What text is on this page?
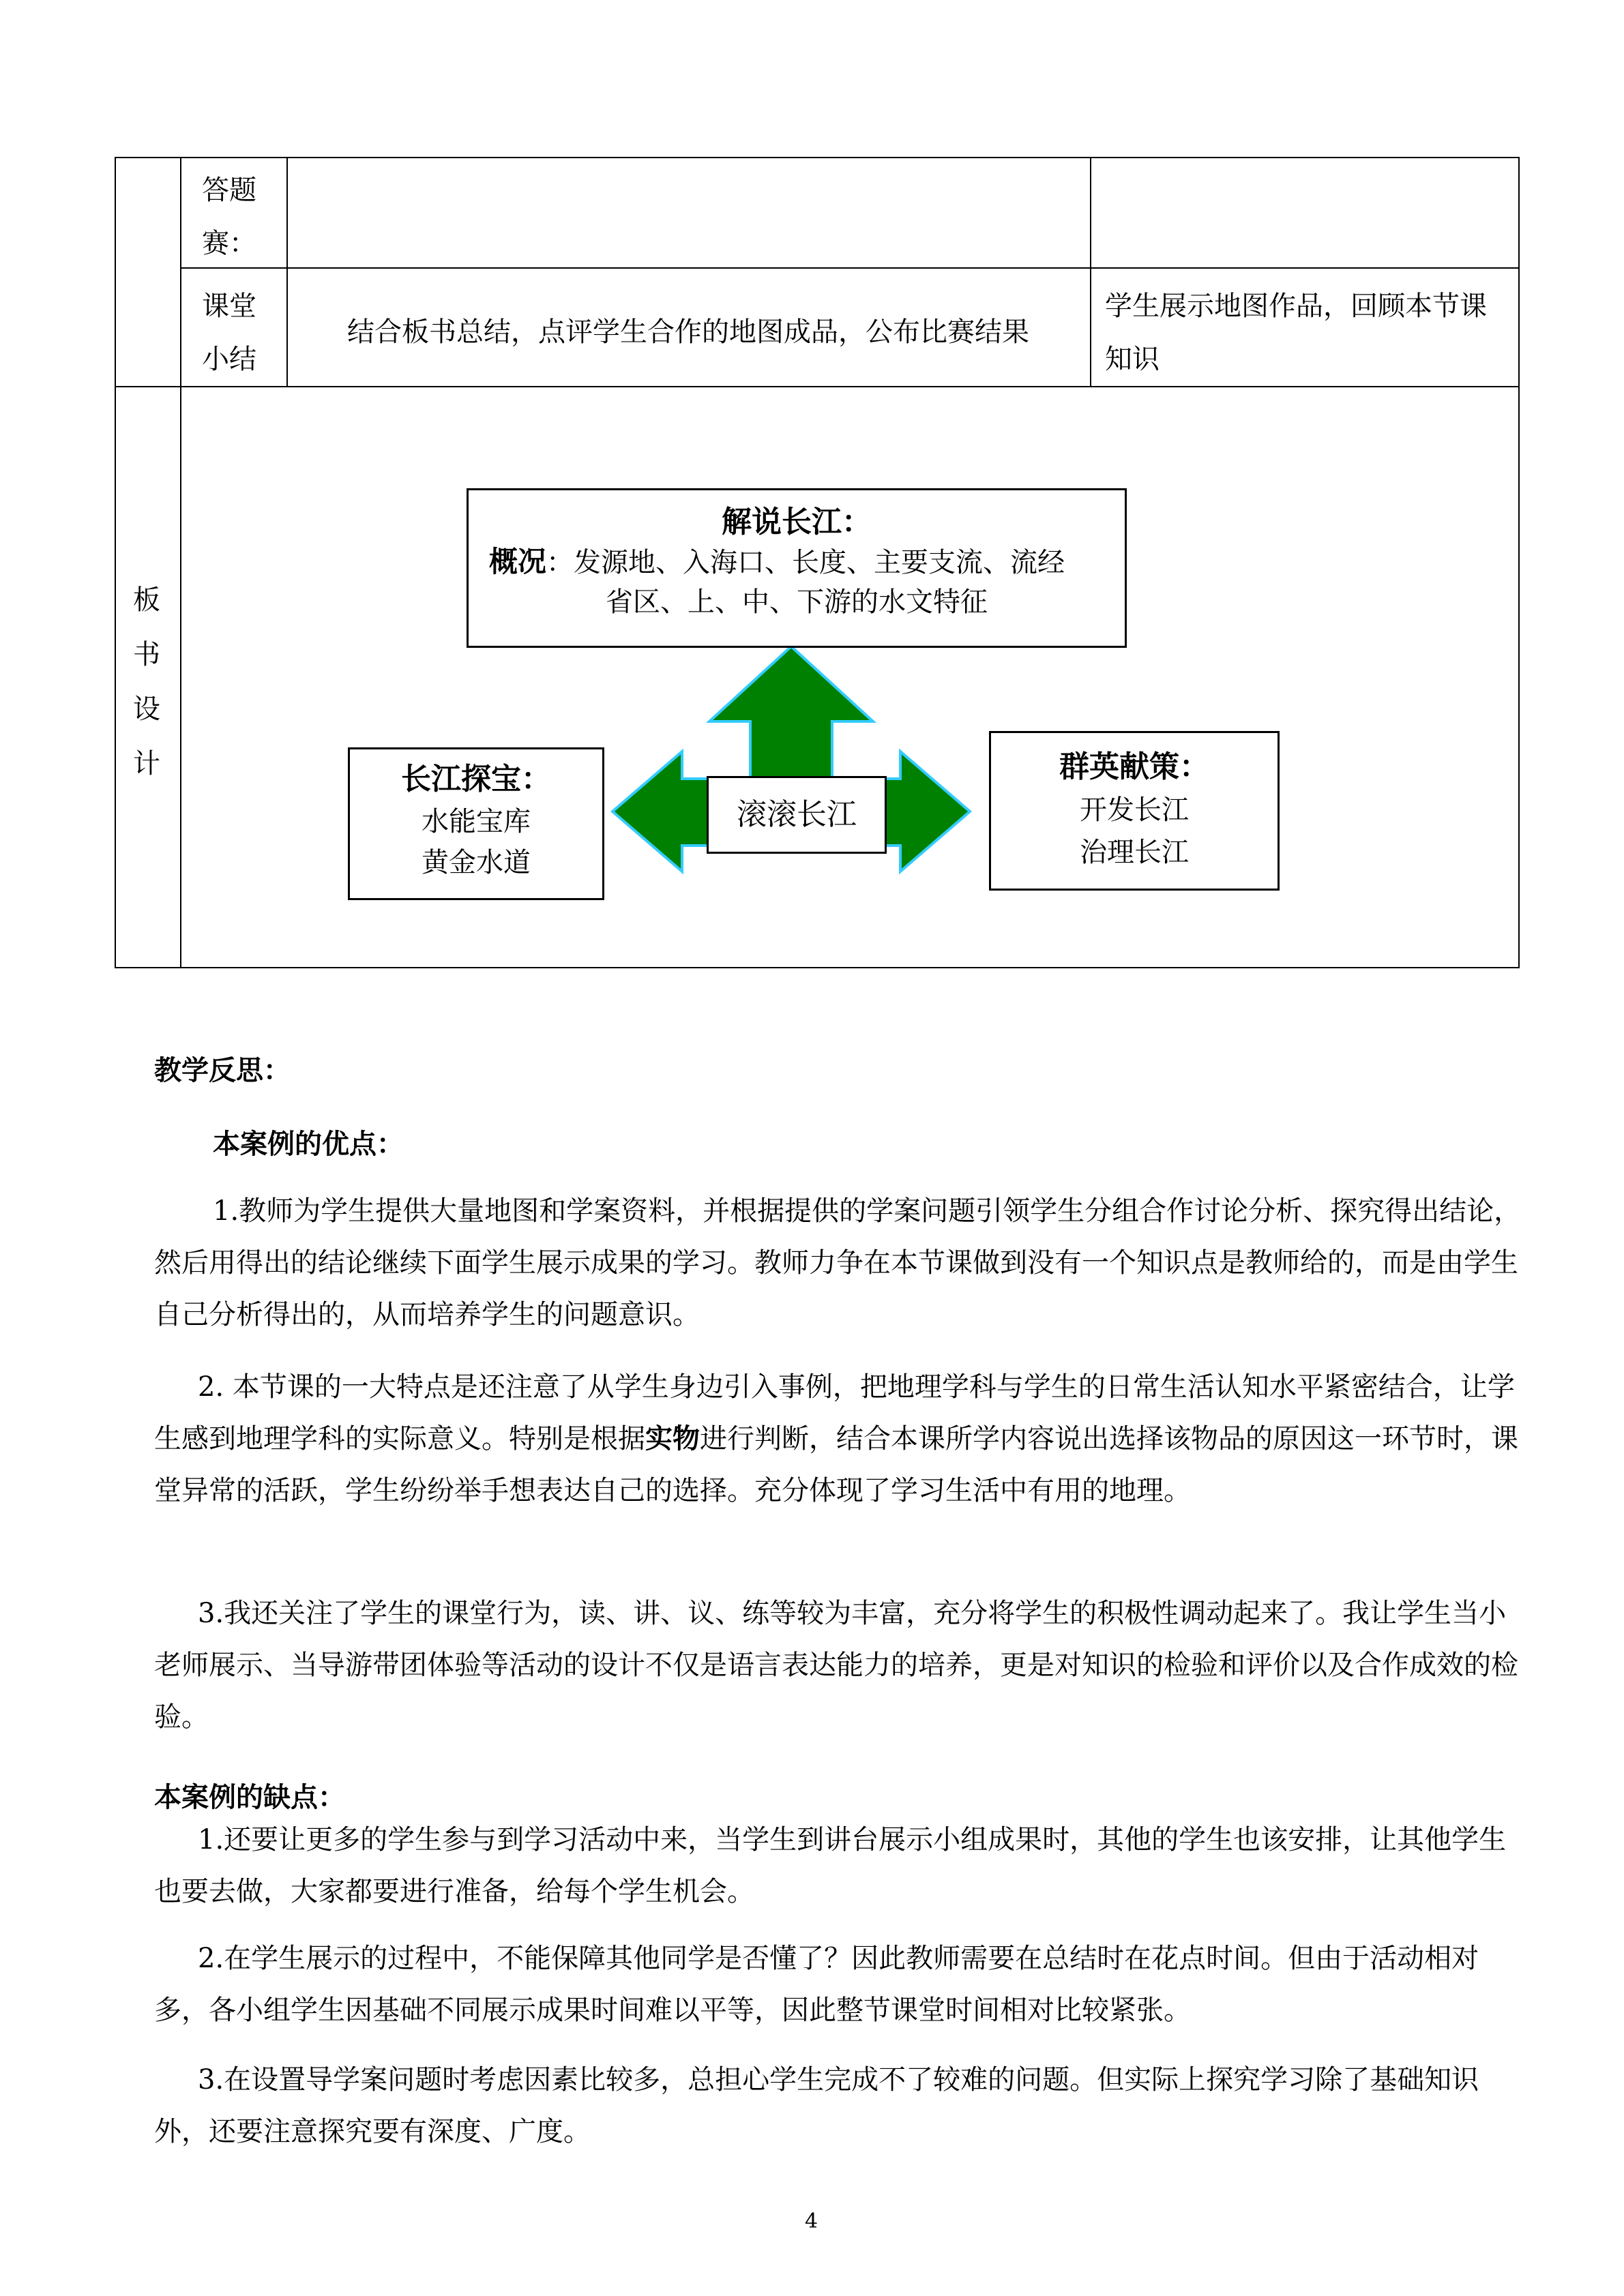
答题
赛：
课堂
小结
结合板书总结，点评学生合作的地图成品，公布比赛结果
学生展示地图作品，回顾本节课知识
板
书
设
计
解说长江：
概况：发源地、入海口、长度、主要支流、流经
省区、上、中、下游的水文特征
滚滚长江
长江探宝：
水能宝库
黄金水道
群英献策：
开发长江
治理长江
教学反思：
本案例的优点：
1.教师为学生提供大量地图和学案资料，并根据提供的学案问题引领学生分组合作讨论分析、探究得出结论，然后用得出的结论继续下面学生展示成果的学习。教师力争在本节课做到没有一个知识点是教师给的，而是由学生自己分析得出的，从而培养学生的问题意识。
2. 本节课的一大特点是还注意了从学生身边引入事例，把地理学科与学生的日常生活认知水平紧密结合，让学生感到地理学科的实际意义。特别是根据实物进行判断，结合本课所学内容说出选择该物品的原因这一环节时，课堂异常的活跃，学生纷纷举手想表达自己的选择。充分体现了学习生活中有用的地理。
3.我还关注了学生的课堂行为，读、讲、议、练等较为丰富，充分将学生的积极性调动起来了。我让学生当小老师展示、当导游带团体验等活动的设计不仅是语言表达能力的培养，更是对知识的检验和评价以及合作成效的检验。
本案例的缺点：
1.还要让更多的学生参与到学习活动中来，当学生到讲台展示小组成果时，其他的学生也该安排，让其他学生也要去做，大家都要进行准备，给每个学生机会。
2.在学生展示的过程中，不能保障其他同学是否懂了？因此教师需要在总结时在花点时间。但由于活动相对多，各小组学生因基础不同展示成果时间难以平等，因此整节课堂时间相对比较紧张。
3.在设置导学案问题时考虑因素比较多，总担心学生完成不了较难的问题。但实际上探究学习除了基础知识外，还要注意探究要有深度、广度。
4
